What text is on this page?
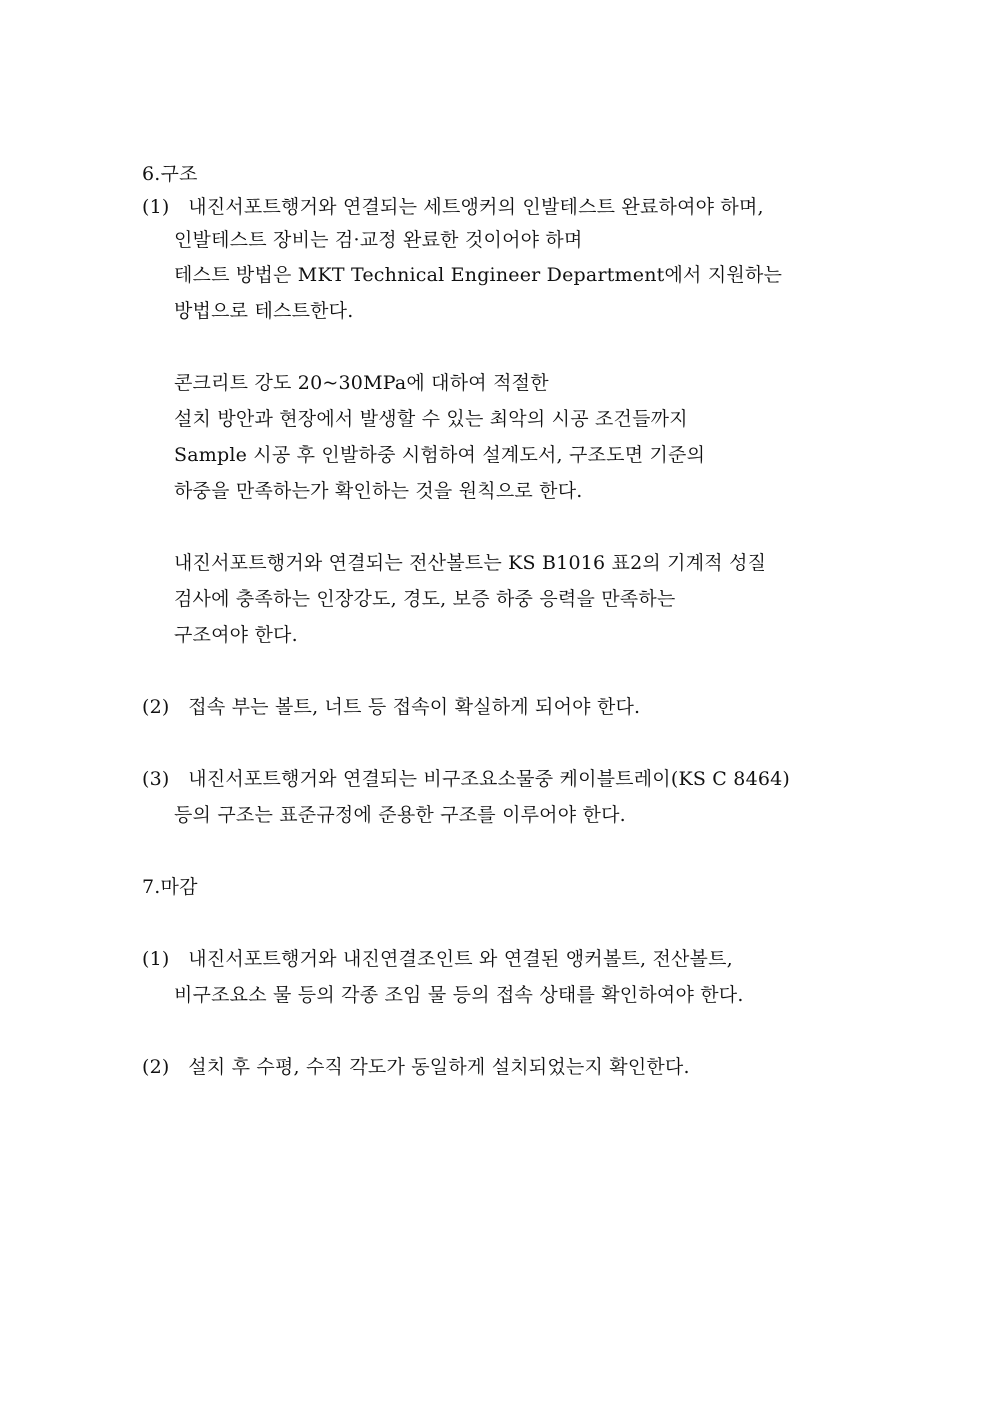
6.구조
(1) 내진서포트행거와 연결되는 세트앵커의 인발테스트 완료하여야 하며,
인발테스트 장비는 검·교정 완료한 것이어야 하며
테스트 방법은 MKT Technical Engineer Department에서 지원하는
방법으로 테스트한다.
콘크리트 강도 20~30MPa에 대하여 적절한
설치 방안과 현장에서 발생할 수 있는 최악의 시공 조건들까지
Sample 시공 후 인발하중 시험하여 설계도서, 구조도면 기준의
하중을 만족하는가 확인하는 것을 원칙으로 한다.
내진서포트행거와 연결되는 전산볼트는 KS B1016 표2의 기계적 성질
검사에 충족하는 인장강도, 경도, 보증 하중 응력을 만족하는
구조여야 한다.
(2) 접속 부는 볼트, 너트 등 접속이 확실하게 되어야 한다.
(3) 내진서포트행거와 연결되는 비구조요소물중 케이블트레이(KS C 8464)
등의 구조는 표준규정에 준용한 구조를 이루어야 한다.
7.마감
(1) 내진서포트행거와 내진연결조인트 와 연결된 앵커볼트, 전산볼트,
비구조요소 물 등의 각종 조임 물 등의 접속 상태를 확인하여야 한다.
(2) 설치 후 수평, 수직 각도가 동일하게 설치되었는지 확인한다.
